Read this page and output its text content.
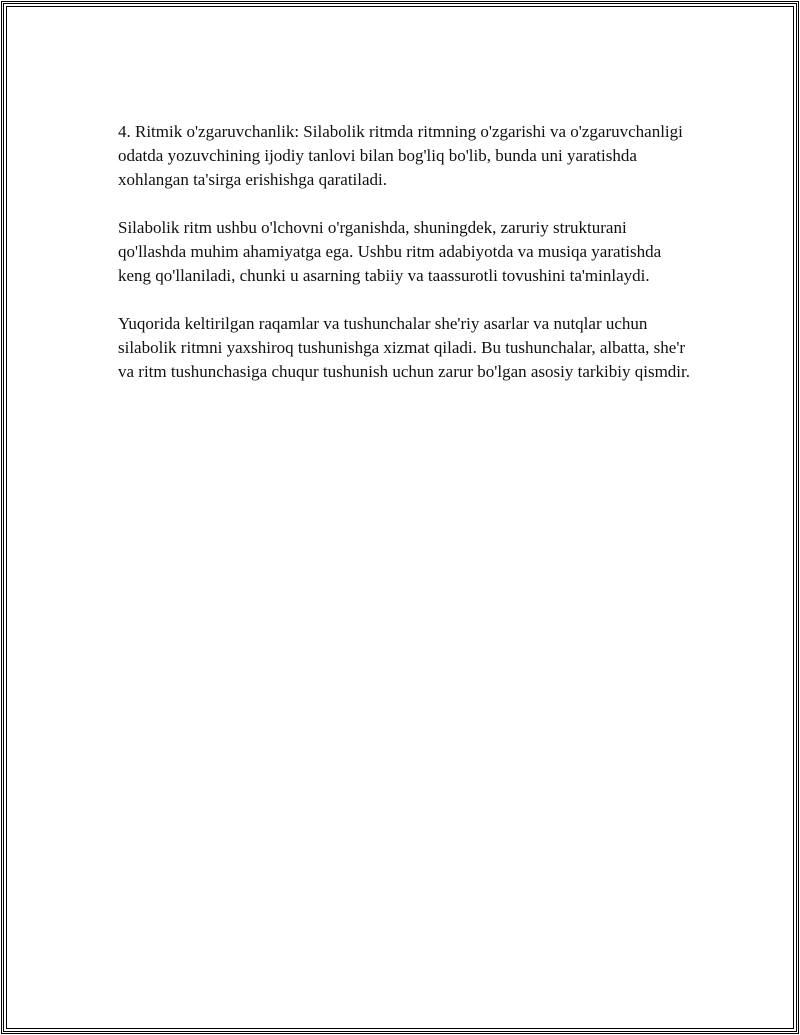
4. Ritmik o'zgaruvchanlik: Silabolik ritmda ritmning o'zgarishi va o'zgaruvchanligi odatda yozuvchining ijodiy tanlovi bilan bog'liq bo'lib, bunda uni yaratishda xohlangan ta'sirga erishishga qaratiladi.

Silabolik ritm ushbu o'lchovni o'rganishda, shuningdek, zaruriy strukturani qo'llashda muhim ahamiyatga ega. Ushbu ritm adabiyotda va musiqa yaratishda keng qo'llaniladi, chunki u asarning tabiiy va taassurotli tovushini ta'minlaydi.

Yuqorida keltirilgan raqamlar va tushunchalar she'riy asarlar va nutqlar uchun silabolik ritmni yaxshiroq tushunishga xizmat qiladi. Bu tushunchalar, albatta, she'r va ritm tushunchasiga chuqur tushunish uchun zarur bo'lgan asosiy tarkibiy qismdir.
